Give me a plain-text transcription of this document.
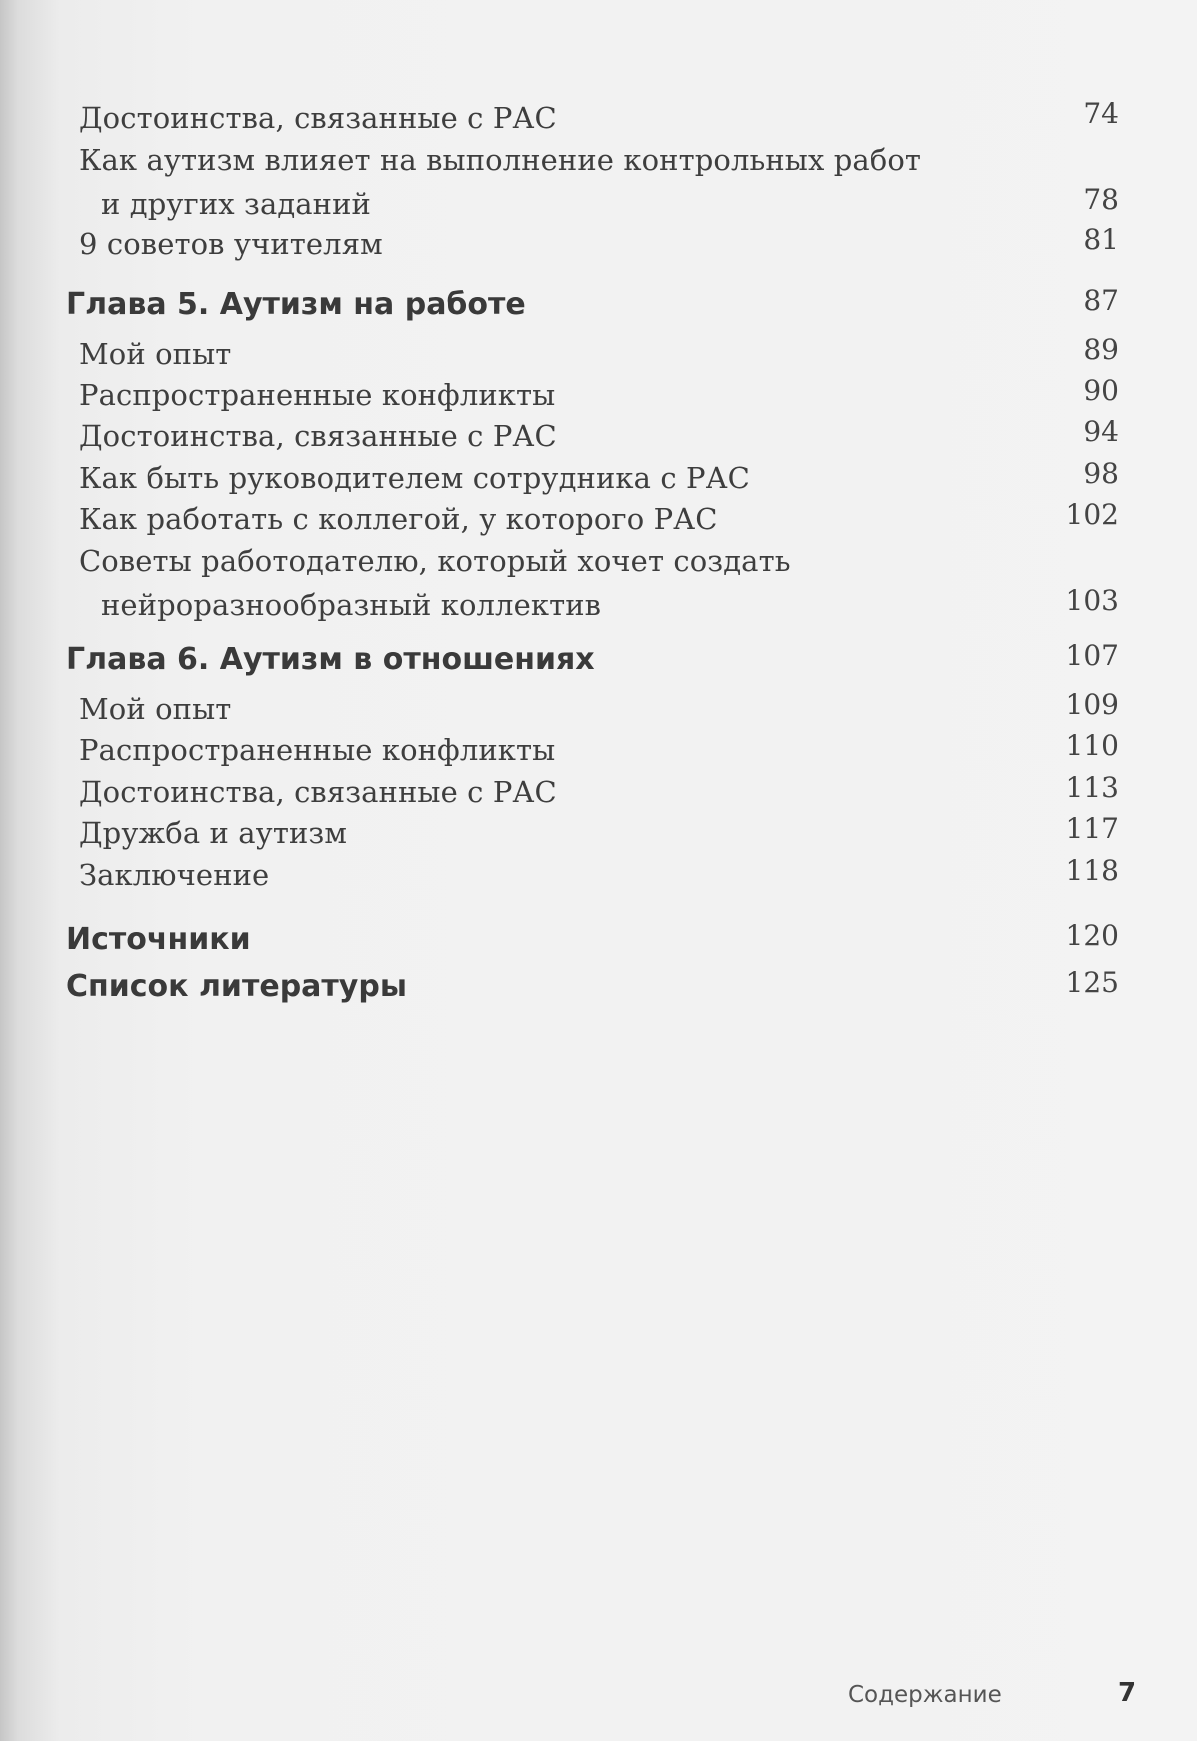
Достоинства, связанные с РАС	74
Как аутизм влияет на выполнение контрольных работ
и других заданий	78
9 советов учителям	81
Глава 5. Аутизм на работе	87
Мой опыт	89
Распространенные конфликты	90
Достоинства, связанные с РАС	94
Как быть руководителем сотрудника с РАС	98
Как работать с коллегой, у которого РАС	102
Советы работодателю, который хочет создать
нейроразнообразный коллектив	103
Глава 6. Аутизм в отношениях	107
Мой опыт	109
Распространенные конфликты	110
Достоинства, связанные с РАС	113
Дружба и аутизм	117
Заключение	118
Источники	120
Список литературы	125
Содержание	7
